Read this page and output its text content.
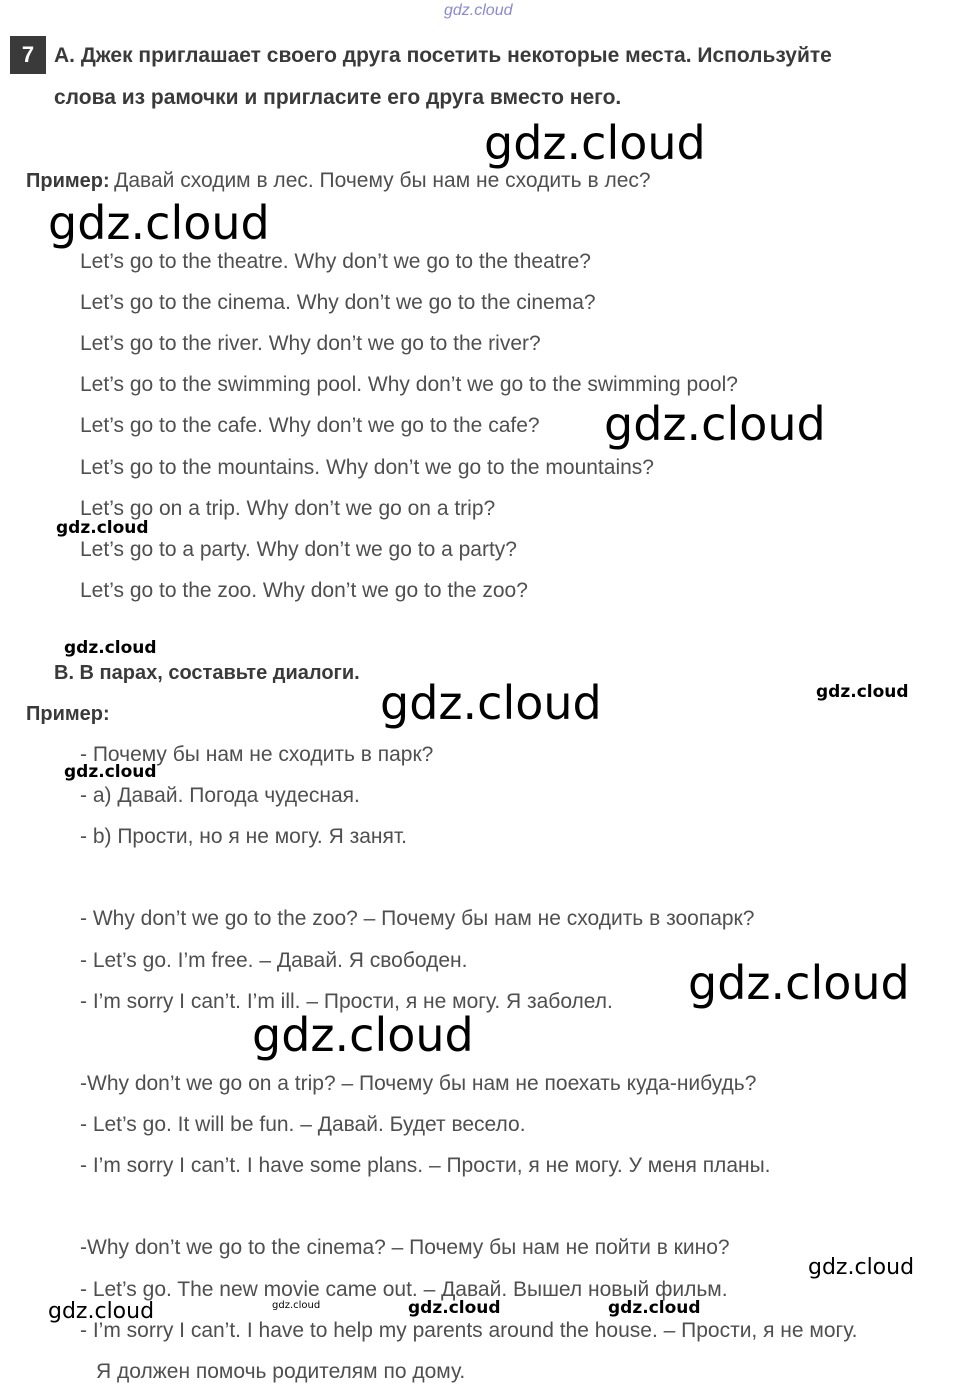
gdz.cloud
7 A. Джек приглашает своего друга посетить некоторые места. Используйте
слова из рамочки и пригласите его друга вместо него.
Пример: Давай сходим в лес. Почему бы нам не сходить в лес?
Let’s go to the theatre. Why don’t we go to the theatre?
Let’s go to the cinema. Why don’t we go to the cinema?
Let’s go to the river. Why don’t we go to the river?
Let’s go to the swimming pool. Why don’t we go to the swimming pool?
Let’s go to the cafe. Why don’t we go to the cafe?
Let’s go to the mountains. Why don’t we go to the mountains?
Let’s go on a trip. Why don’t we go on a trip?
Let’s go to a party. Why don’t we go to a party?
Let’s go to the zoo. Why don’t we go to the zoo?
B. В парах, составьте диалоги.
Пример:
- Почему бы нам не сходить в парк?
- a) Давай. Погода чудесная.
- b) Прости, но я не могу. Я занят.
- Why don’t we go to the zoo? – Почему бы нам не сходить в зоопарк?
- Let’s go. I’m free. – Давай. Я свободен.
- I’m sorry I can’t. I’m ill. – Прости, я не могу. Я заболел.
-Why don’t we go on a trip? – Почему бы нам не поехать куда-нибудь?
- Let’s go. It will be fun. – Давай. Будет весело.
- I’m sorry I can’t. I have some plans. – Прости, я не могу. У меня планы.
-Why don’t we go to the cinema? – Почему бы нам не пойти в кино?
- Let’s go. The new movie came out. – Давай. Вышел новый фильм.
- I’m sorry I can’t. I have to help my parents around the house. – Прости, я не могу.
Я должен помочь родителям по дому.
gdz.cloud
gdz.cloud
gdz.cloud
gdz.cloud
gdz.cloud
gdz.cloud
gdz.cloud
gdz.cloud
gdz.cloud
gdz.cloud
gdz.cloud
gdz.cloud	gdz.cloud	gdz.cloud
gdz.cloud
